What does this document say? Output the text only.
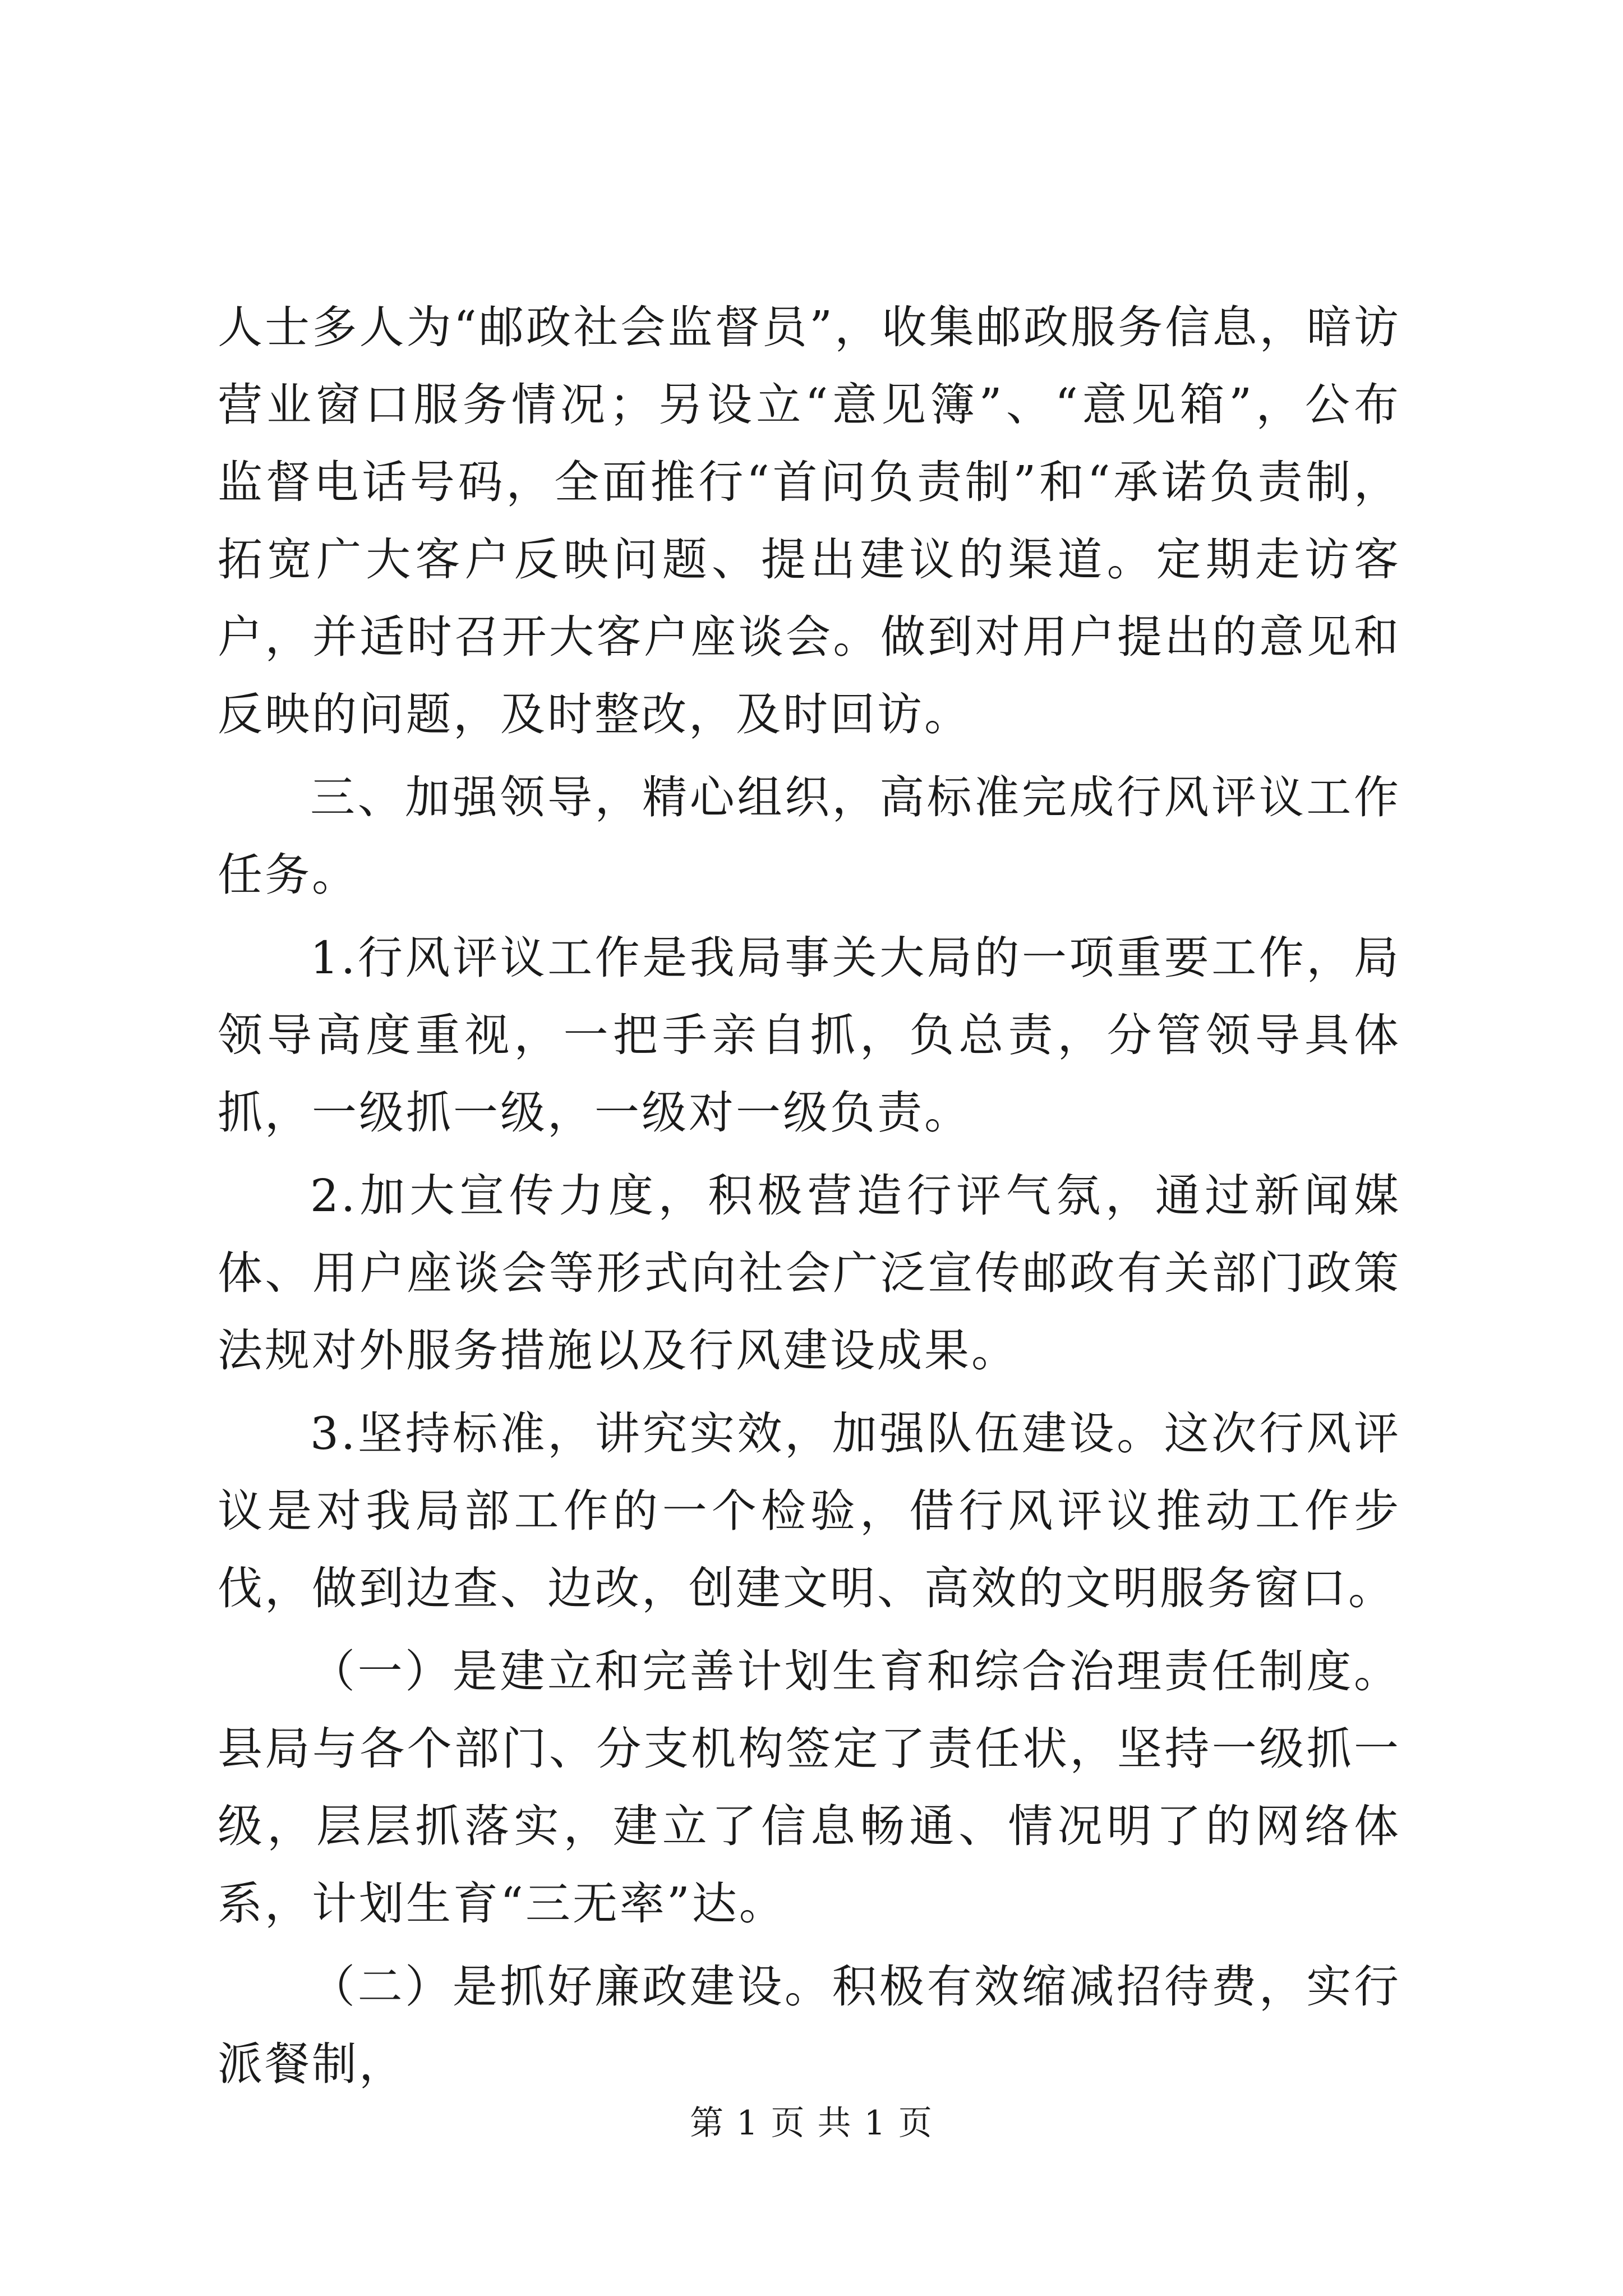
人士多人为“邮政社会监督员”，收集邮政服务信息，暗访营业窗口服务情况；另设立“意见簿”、“意见箱”，公布监督电话号码，全面推行“首问负责制”和“承诺负责制，拓宽广大客户反映问题、提出建议的渠道。定期走访客户，并适时召开大客户座谈会。做到对用户提出的意见和反映的问题，及时整改，及时回访。

三、加强领导，精心组织，高标准完成行风评议工作任务。

1.行风评议工作是我局事关大局的一项重要工作，局领导高度重视，一把手亲自抓，负总责，分管领导具体抓，一级抓一级，一级对一级负责。

2.加大宣传力度，积极营造行评气氛，通过新闻媒体、用户座谈会等形式向社会广泛宣传邮政有关部门政策法规对外服务措施以及行风建设成果。

3.坚持标准，讲究实效，加强队伍建设。这次行风评议是对我局部工作的一个检验，借行风评议推动工作步伐，做到边查、边改，创建文明、高效的文明服务窗口。

（一）是建立和完善计划生育和综合治理责任制度。县局与各个部门、分支机构签定了责任状，坚持一级抓一级，层层抓落实，建立了信息畅通、情况明了的网络体系，计划生育“三无率”达。

（二）是抓好廉政建设。积极有效缩减招待费，实行派餐制，

第 1 页 共 1 页
